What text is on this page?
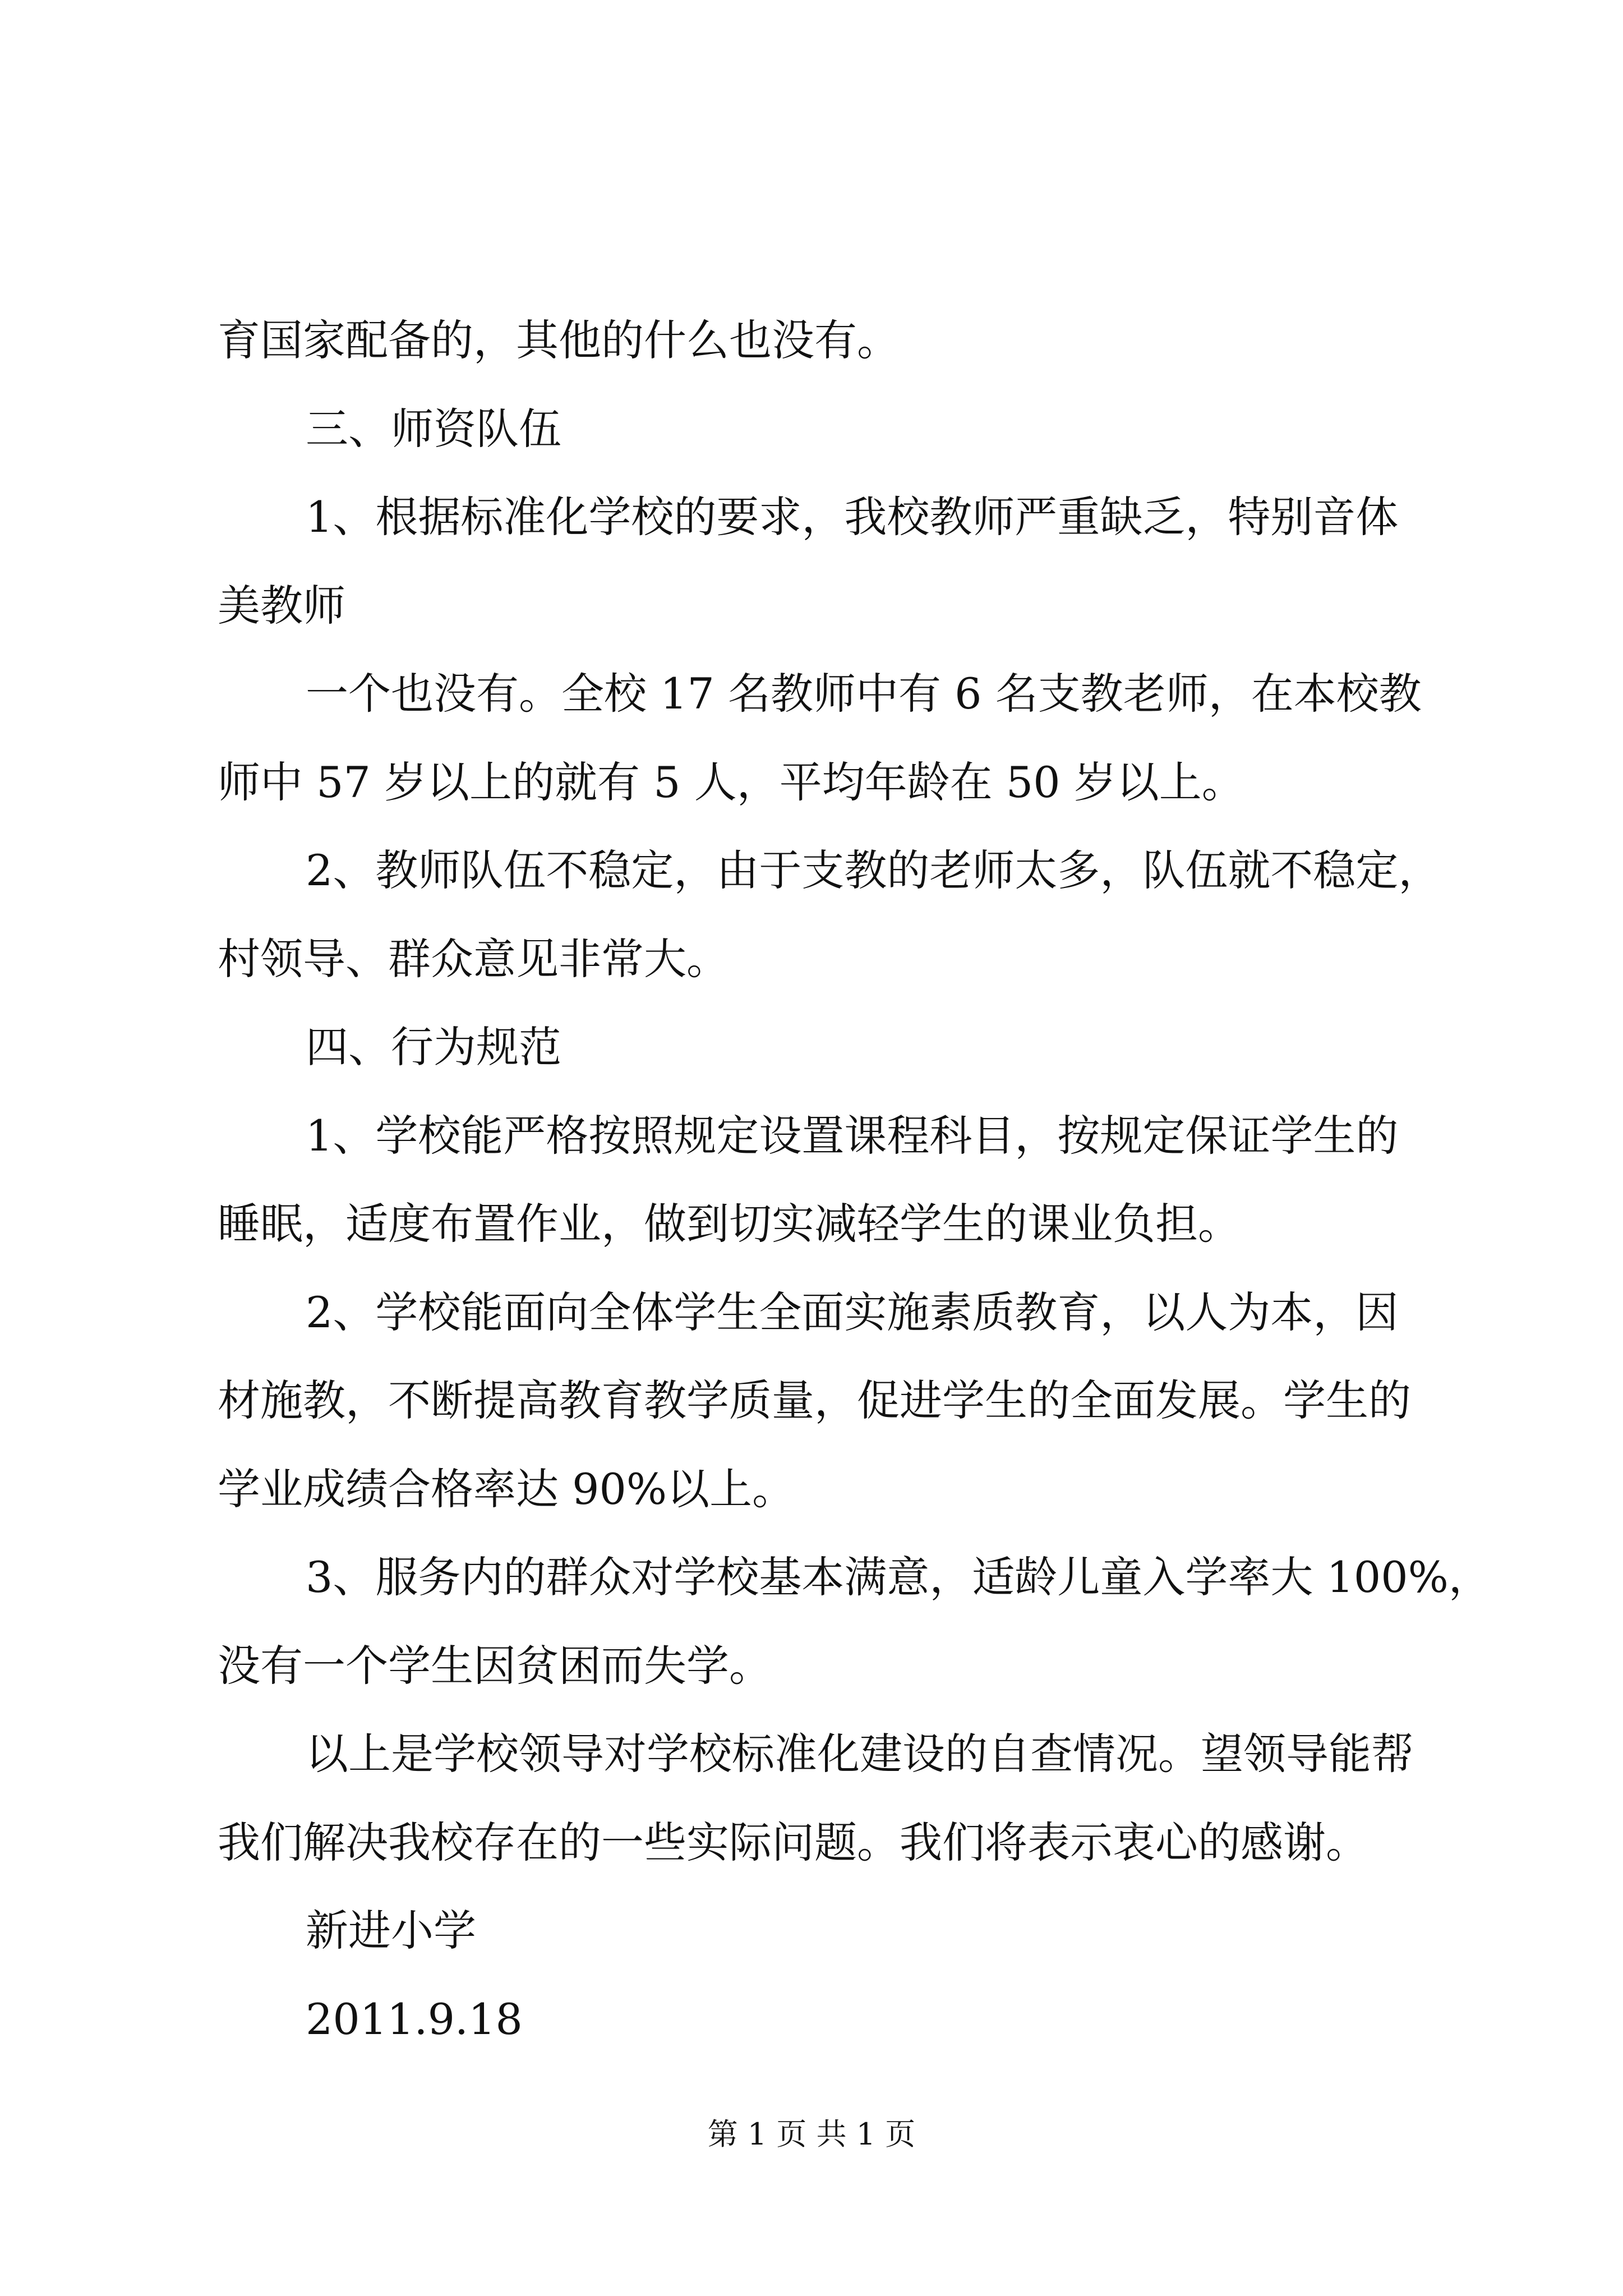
育国家配备的，其他的什么也没有。
三、师资队伍
1、根据标准化学校的要求，我校教师严重缺乏，特别音体
美教师
一个也没有。全校 17 名教师中有 6 名支教老师，在本校教
师中 57 岁以上的就有 5 人，平均年龄在 50 岁以上。
2、教师队伍不稳定，由于支教的老师太多，队伍就不稳定，
村领导、群众意见非常大。
四、行为规范
1、学校能严格按照规定设置课程科目，按规定保证学生的
睡眠，适度布置作业，做到切实减轻学生的课业负担。
2、学校能面向全体学生全面实施素质教育，以人为本，因
材施教，不断提高教育教学质量，促进学生的全面发展。学生的
学业成绩合格率达 90%以上。
3、服务内的群众对学校基本满意，适龄儿童入学率大 100%，
没有一个学生因贫困而失学。
以上是学校领导对学校标准化建设的自查情况。望领导能帮
我们解决我校存在的一些实际问题。我们将表示衷心的感谢。
新进小学
2011.9.18
第 1 页 共 1 页
